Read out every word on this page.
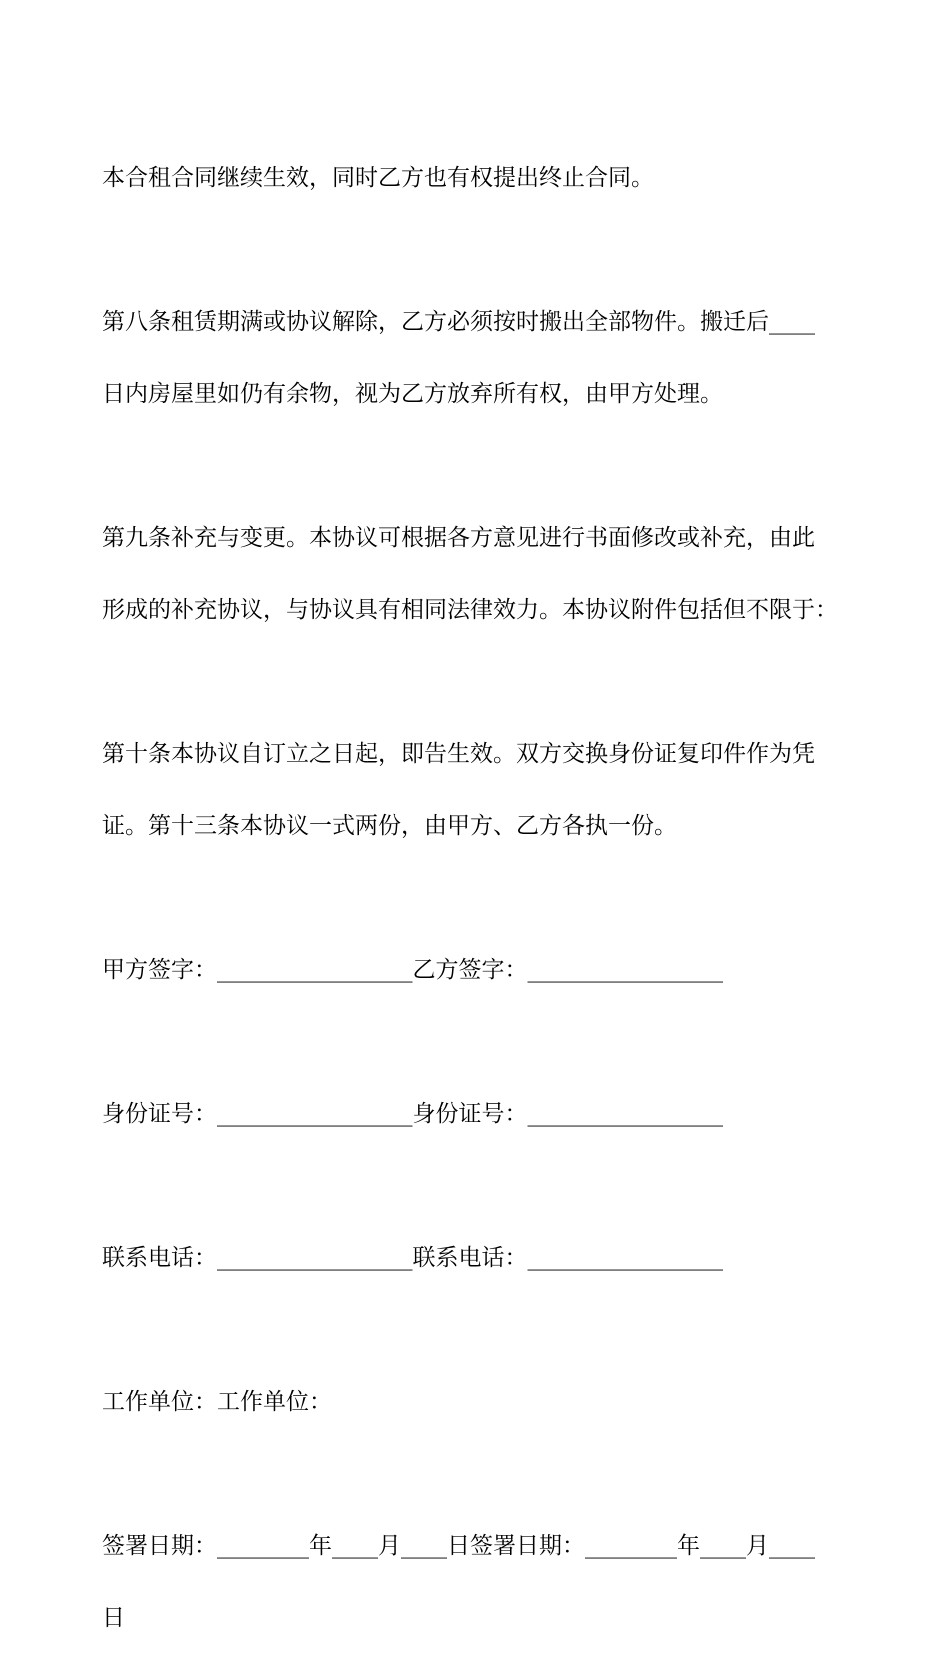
本合租合同继续生效，同时乙方也有权提出终止合同。

第八条租赁期满或协议解除，乙方必须按时搬出全部物件。搬迁后____

日内房屋里如仍有余物，视为乙方放弃所有权，由甲方处理。

第九条补充与变更。本协议可根据各方意见进行书面修改或补充，由此

形成的补充协议，与协议具有相同法律效力。本协议附件包括但不限于：

第十条本协议自订立之日起，即告生效。双方交换身份证复印件作为凭

证。第十三条本协议一式两份，由甲方、乙方各执一份。

甲方签字：_________________乙方签字：_________________

身份证号：_________________身份证号：_________________

联系电话：_________________联系电话：_________________

工作单位：工作单位：

签署日期：________年____月____日签署日期：________年____月____

日
